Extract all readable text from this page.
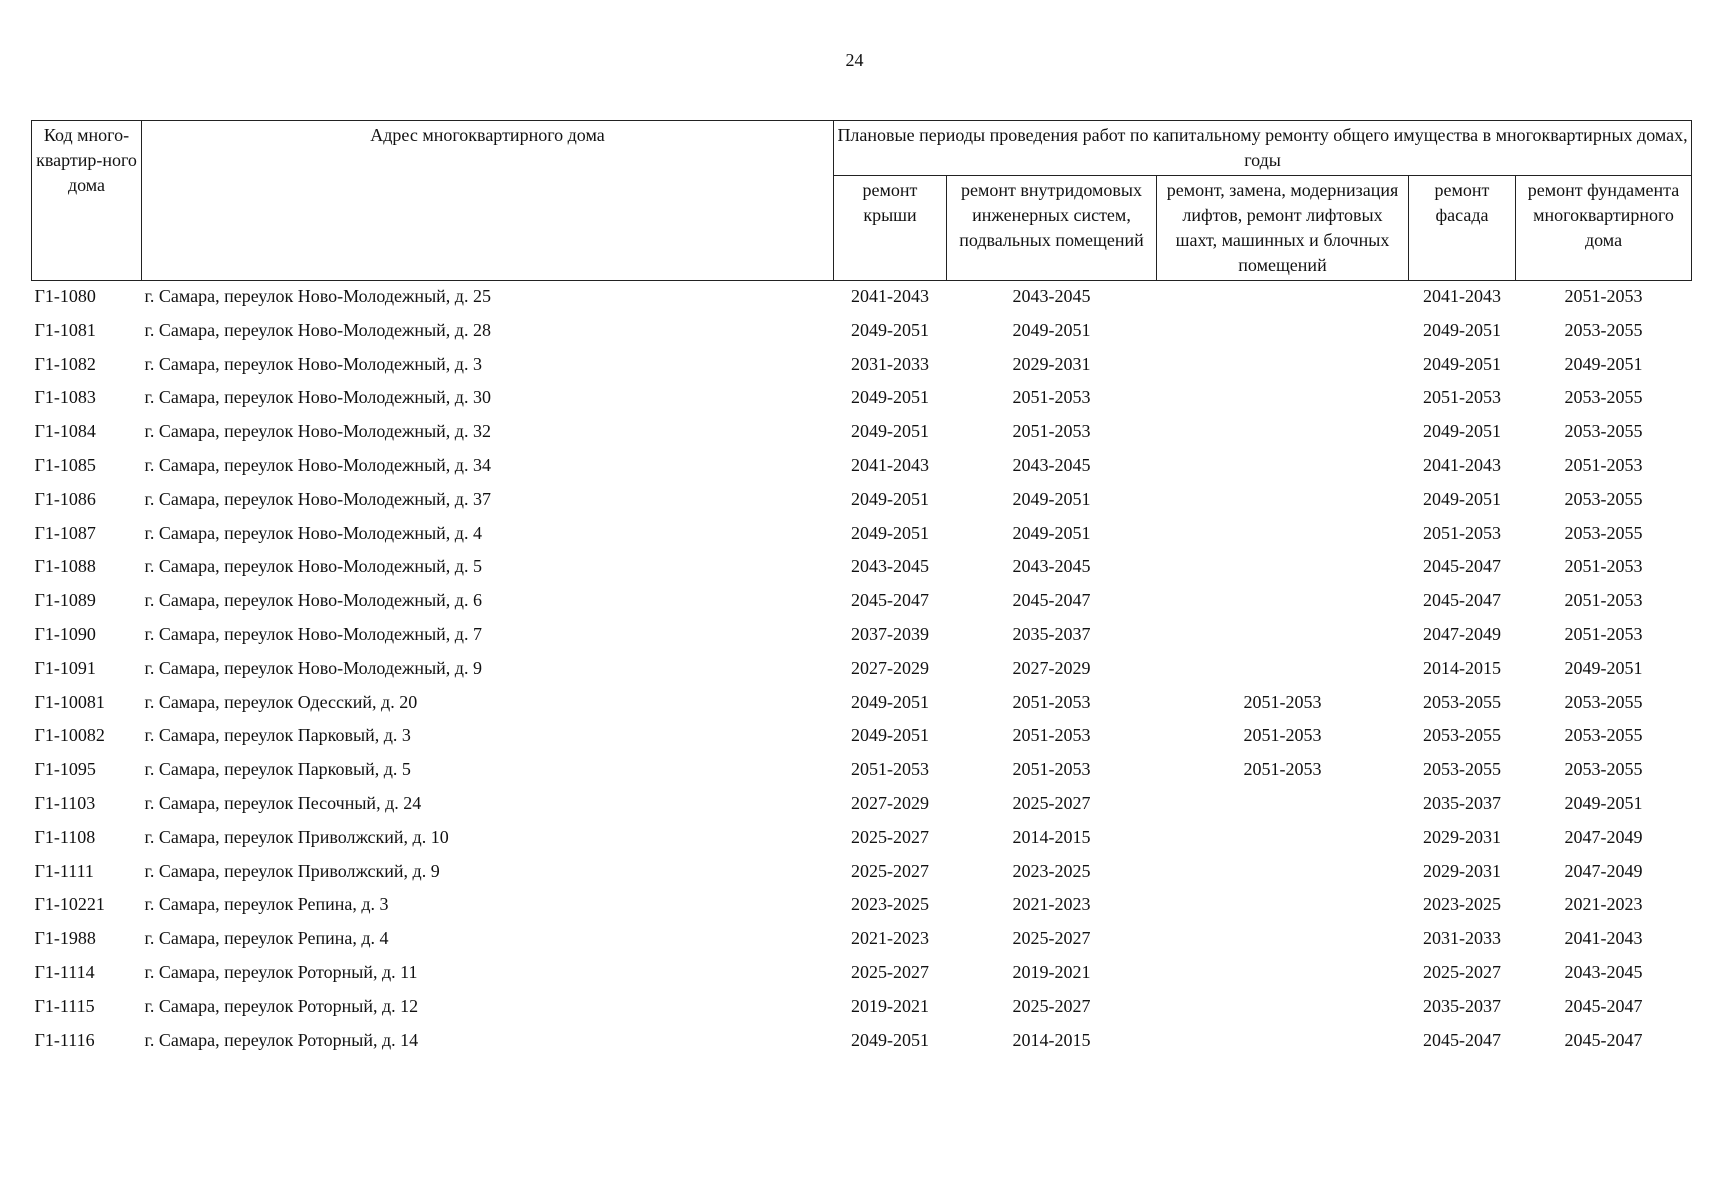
24
Код много-квартир-ного дома	Адрес многоквартирного дома	Плановые периоды проведения работ по капитальному ремонту общего имущества в многоквартирных домах, годы				
		ремонт крыши	ремонт внутридомовых инженерных систем, подвальных помещений	ремонт, замена, модернизация лифтов, ремонт лифтовых шахт, машинных и блочных помещений	ремонт фасада	ремонт фундамента многоквартирного дома
Г1-1080	г. Самара, переулок Ново-Молодежный, д. 25	2041-2043	2043-2045		2041-2043	2051-2053
Г1-1081	г. Самара, переулок Ново-Молодежный, д. 28	2049-2051	2049-2051		2049-2051	2053-2055
Г1-1082	г. Самара, переулок Ново-Молодежный, д. 3	2031-2033	2029-2031		2049-2051	2049-2051
Г1-1083	г. Самара, переулок Ново-Молодежный, д. 30	2049-2051	2051-2053		2051-2053	2053-2055
Г1-1084	г. Самара, переулок Ново-Молодежный, д. 32	2049-2051	2051-2053		2049-2051	2053-2055
Г1-1085	г. Самара, переулок Ново-Молодежный, д. 34	2041-2043	2043-2045		2041-2043	2051-2053
Г1-1086	г. Самара, переулок Ново-Молодежный, д. 37	2049-2051	2049-2051		2049-2051	2053-2055
Г1-1087	г. Самара, переулок Ново-Молодежный, д. 4	2049-2051	2049-2051		2051-2053	2053-2055
Г1-1088	г. Самара, переулок Ново-Молодежный, д. 5	2043-2045	2043-2045		2045-2047	2051-2053
Г1-1089	г. Самара, переулок Ново-Молодежный, д. 6	2045-2047	2045-2047		2045-2047	2051-2053
Г1-1090	г. Самара, переулок Ново-Молодежный, д. 7	2037-2039	2035-2037		2047-2049	2051-2053
Г1-1091	г. Самара, переулок Ново-Молодежный, д. 9	2027-2029	2027-2029		2014-2015	2049-2051
Г1-10081	г. Самара, переулок Одесский, д. 20	2049-2051	2051-2053	2051-2053	2053-2055	2053-2055
Г1-10082	г. Самара, переулок Парковый, д. 3	2049-2051	2051-2053	2051-2053	2053-2055	2053-2055
Г1-1095	г. Самара, переулок Парковый, д. 5	2051-2053	2051-2053	2051-2053	2053-2055	2053-2055
Г1-1103	г. Самара, переулок Песочный, д. 24	2027-2029	2025-2027		2035-2037	2049-2051
Г1-1108	г. Самара, переулок Приволжский, д. 10	2025-2027	2014-2015		2029-2031	2047-2049
Г1-1111	г. Самара, переулок Приволжский, д. 9	2025-2027	2023-2025		2029-2031	2047-2049
Г1-10221	г. Самара, переулок Репина, д. 3	2023-2025	2021-2023		2023-2025	2021-2023
Г1-1988	г. Самара, переулок Репина, д. 4	2021-2023	2025-2027		2031-2033	2041-2043
Г1-1114	г. Самара, переулок Роторный, д. 11	2025-2027	2019-2021		2025-2027	2043-2045
Г1-1115	г. Самара, переулок Роторный, д. 12	2019-2021	2025-2027		2035-2037	2045-2047
Г1-1116	г. Самара, переулок Роторный, д. 14	2049-2051	2014-2015		2045-2047	2045-2047
